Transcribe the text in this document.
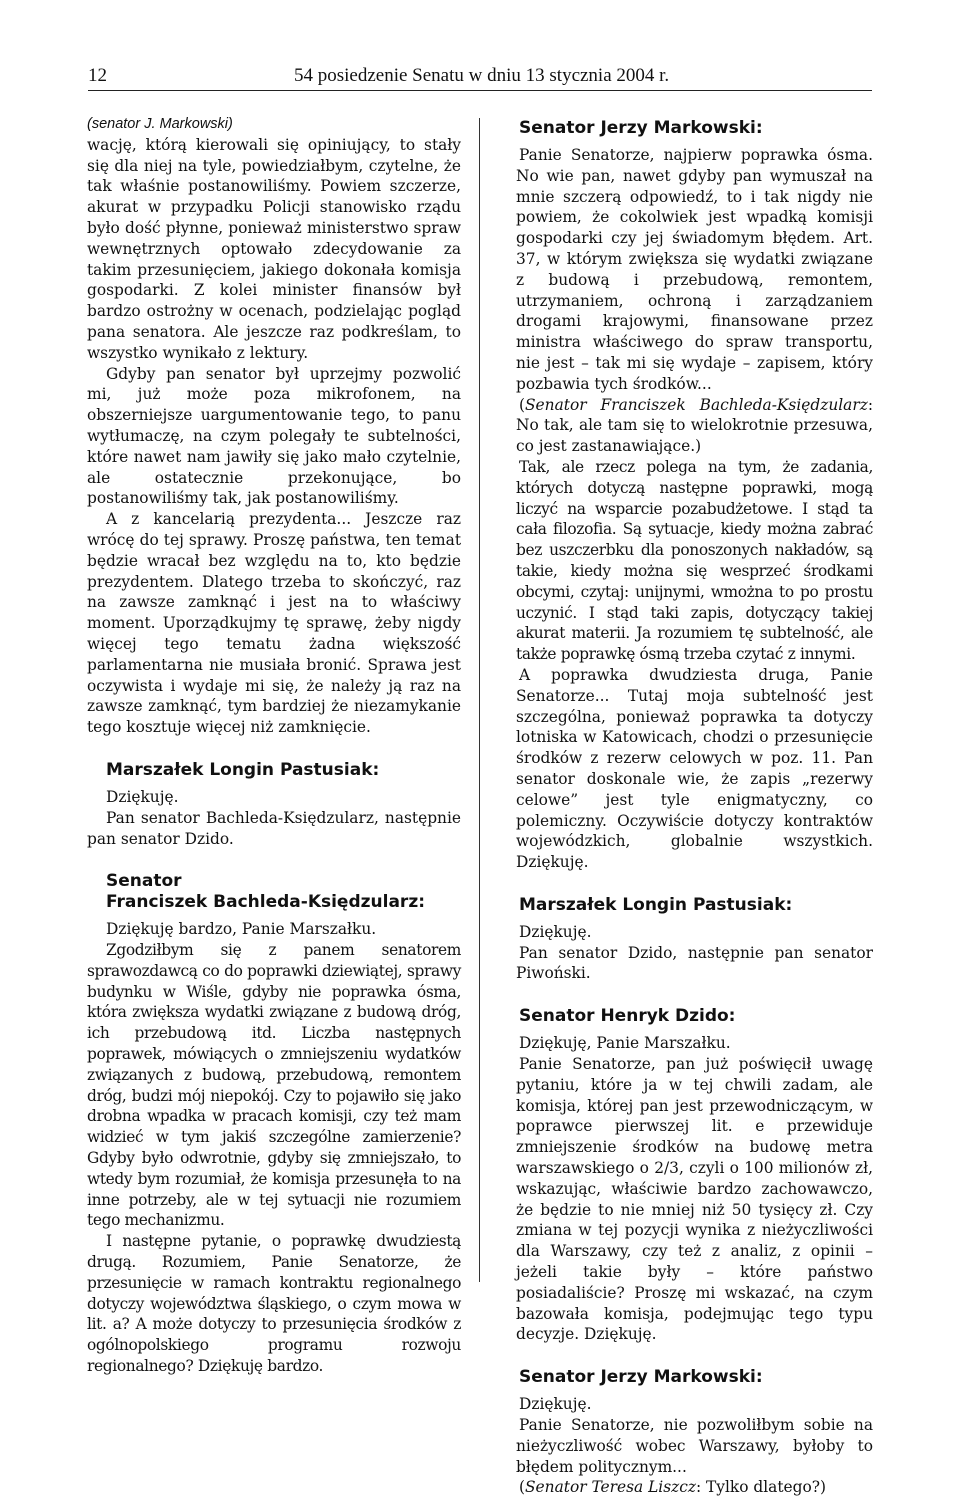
12	54 posiedzenie Senatu w dniu 13 stycznia 2004 r.

(senator J. Markowski)

wację, którą kierowali się opiniujący, to stały się dla niej na tyle, powiedziałbym, czytelne, że tak właśnie postanowiliśmy. Powiem szczerze, akurat w przypadku Policji stanowisko rządu było dość płynne, ponieważ ministerstwo spraw wewnętrznych optowało zdecydowanie za takim przesunięciem, jakiego dokonała komisja gospodarki. Z kolei minister finansów był bardzo ostrożny w ocenach, podzielając pogląd pana senatora. Ale jeszcze raz podkreślam, to wszystko wynikało z lektury.

Gdyby pan senator był uprzejmy pozwolić mi, już może poza mikrofonem, na obszerniejsze uargumentowanie tego, to panu wytłumaczę, na czym polegały te subtelności, które nawet nam jawiły się jako mało czytelnie, ale ostatecznie przekonujące, bo postanowiliśmy tak, jak postanowiliśmy.

A z kancelarią prezydenta... Jeszcze raz wrócę do tej sprawy. Proszę państwa, ten temat będzie wracał bez względu na to, kto będzie prezydentem. Dlatego trzeba to skończyć, raz na zawsze zamknąć i jest na to właściwy moment. Uporządkujmy tę sprawę, żeby nigdy więcej tego tematu żadna większość parlamentarna nie musiała bronić. Sprawa jest oczywista i wydaje mi się, że należy ją raz na zawsze zamknąć, tym bardziej że niezamykanie tego kosztuje więcej niż zamknięcie.

Marszałek Longin Pastusiak:

Dziękuję.

Pan senator Bachleda-Księdzularz, następnie pan senator Dzido.

Senator
Franciszek Bachleda-Księdzularz:

Dziękuję bardzo, Panie Marszałku.

Zgodziłbym się z panem senatorem sprawozdawcą co do poprawki dziewiątej, sprawy budynku w Wiśle, gdyby nie poprawka ósma, która zwiększa wydatki związane z budową dróg, ich przebudową itd. Liczba następnych poprawek, mówiących o zmniejszeniu wydatków związanych z budową, przebudową, remontem dróg, budzi mój niepokój. Czy to pojawiło się jako drobna wpadka w pracach komisji, czy też mam widzieć w tym jakiś szczególne zamierzenie? Gdyby było odwrotnie, gdyby się zmniejszało, to wtedy bym rozumiał, że komisja przesunęła to na inne potrzeby, ale w tej sytuacji nie rozumiem tego mechanizmu.

I następne pytanie, o poprawkę dwudziestą drugą. Rozumiem, Panie Senatorze, że przesunięcie w ramach kontraktu regionalnego dotyczy województwa śląskiego, o czym mowa w lit. a? A może dotyczy to przesunięcia środków z ogólnopolskiego programu rozwoju regionalnego? Dziękuję bardzo.

Senator Jerzy Markowski:

Panie Senatorze, najpierw poprawka ósma. No wie pan, nawet gdyby pan wymuszał na mnie szczerą odpowiedź, to i tak nigdy nie powiem, że cokolwiek jest wpadką komisji gospodarki czy jej świadomym błędem. Art. 37, w którym zwiększa się wydatki związane z budową i przebudową, remontem, utrzymaniem, ochroną i zarządzaniem drogami krajowymi, finansowane przez ministra właściwego do spraw transportu, nie jest – tak mi się wydaje – zapisem, który pozbawia tych środków...

(Senator Franciszek Bachleda-Księdzularz: No tak, ale tam się to wielokrotnie przesuwa, co jest zastanawiające.)

Tak, ale rzecz polega na tym, że zadania, których dotyczą następne poprawki, mogą liczyć na wsparcie pozabudżetowe. I stąd ta cała filozofia. Są sytuacje, kiedy można zabrać bez uszczerbku dla ponoszonych nakładów, są takie, kiedy można się wesprzeć środkami obcymi, czytaj: unijnymi, wmożna to po prostu uczynić. I stąd taki zapis, dotyczący takiej akurat materii. Ja rozumiem tę subtelność, ale także poprawkę ósmą trzeba czytać z innymi.

A poprawka dwudziesta druga, Panie Senatorze... Tutaj moja subtelność jest szczególna, ponieważ poprawka ta dotyczy lotniska w Katowicach, chodzi o przesunięcie środków z rezerw celowych w poz. 11. Pan senator doskonale wie, że zapis „rezerwy celowe” jest tyle enigmatyczny, co polemiczny. Oczywiście dotyczy kontraktów wojewódzkich, globalnie wszystkich. Dziękuję.

Marszałek Longin Pastusiak:

Dziękuję.

Pan senator Dzido, następnie pan senator Piwoński.

Senator Henryk Dzido:

Dziękuję, Panie Marszałku.

Panie Senatorze, pan już poświęcił uwagę pytaniu, które ja w tej chwili zadam, ale komisja, której pan jest przewodniczącym, w poprawce pierwszej lit. e przewiduje zmniejszenie środków na budowę metra warszawskiego o 2/3, czyli o 100 milionów zł, wskazując, właściwie bardzo zachowawczo, że będzie to nie mniej niż 50 tysięcy zł. Czy zmiana w tej pozycji wynika z nieżyczliwości dla Warszawy, czy też z analiz, z opinii – jeżeli takie były – które państwo posiadaliście? Proszę mi wskazać, na czym bazowała komisja, podejmując tego typu decyzje. Dziękuję.

Senator Jerzy Markowski:

Dziękuję.

Panie Senatorze, nie pozwoliłbym sobie na nieżyczliwość wobec Warszawy, byłoby to błędem politycznym...

(Senator Teresa Liszcz: Tylko dlatego?)
